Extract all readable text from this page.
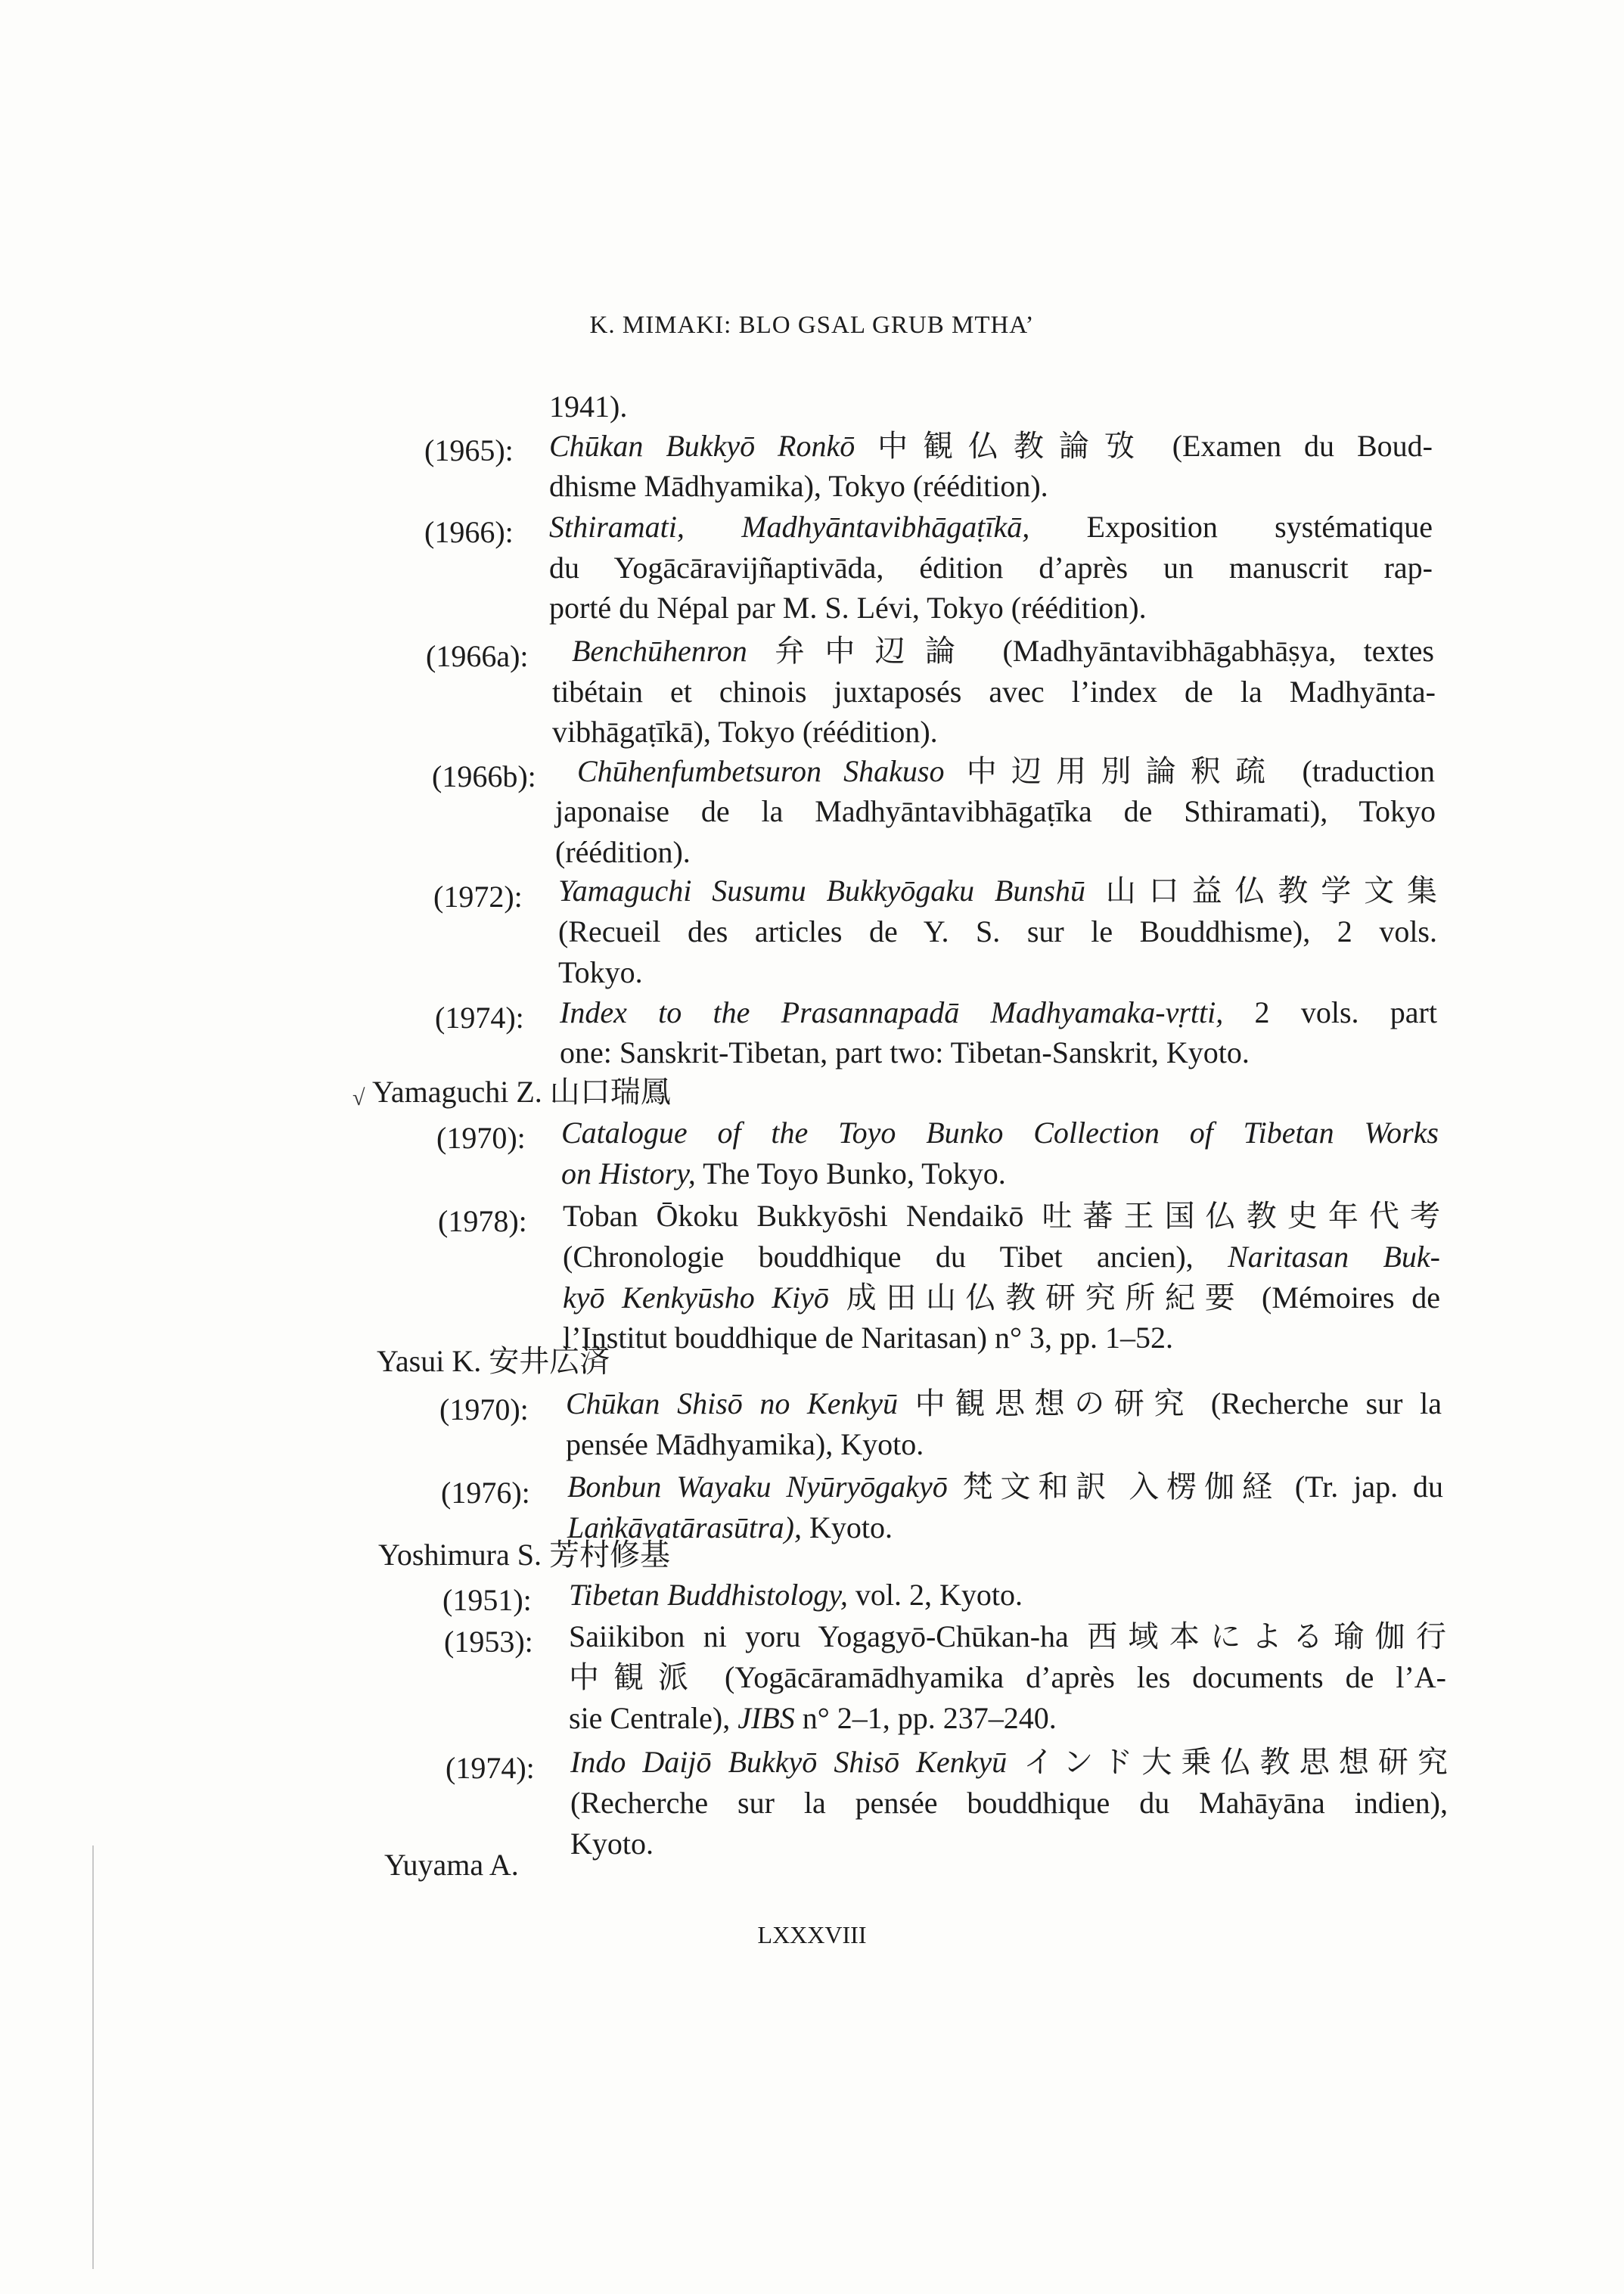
K. MIMAKI: BLO GSAL GRUB MTHA’
1941).
(1965): Chūkan Bukkyō Ronkō 中観仏教論攷 (Examen du Boud-
dhisme Mādhyamika), Tokyo (réédition).
(1966): Sthiramati, Madhyāntavibhāgaṭīkā, Exposition systématique
du Yogācāravijñaptivāda, édition d’après un manuscrit rap-
porté du Népal par M. S. Lévi, Tokyo (réédition).
(1966a): Benchūhenron 弁中辺論 (Madhyāntavibhāgabhāṣya, textes
tibétain et chinois juxtaposés avec l’index de la Madhyānta-
vibhāgaṭīkā), Tokyo (réédition).
(1966b): Chūhenfumbetsuron Shakuso 中辺用別論釈疏 (traduction
japonaise de la Madhyāntavibhāgaṭīka de Sthiramati), Tokyo
(réédition).
(1972): Yamaguchi Susumu Bukkyōgaku Bunshū 山口益仏教学文集
(Recueil des articles de Y. S. sur le Bouddhisme), 2 vols.
Tokyo.
(1974): Index to the Prasannapadā Madhyamaka-vṛtti, 2 vols. part
one: Sanskrit-Tibetan, part two: Tibetan-Sanskrit, Kyoto.
√ Yamaguchi Z. 山口瑞鳳
(1970): Catalogue of the Toyo Bunko Collection of Tibetan Works
on History, The Toyo Bunko, Tokyo.
(1978): Toban Ōkoku Bukkyōshi Nendaikō 吐蕃王国仏教史年代考
(Chronologie bouddhique du Tibet ancien), Naritasan Buk-
kyō Kenkyūsho Kiyō 成田山仏教研究所紀要 (Mémoires de
l’Institut bouddhique de Naritasan) n° 3, pp. 1–52.
Yasui K. 安井広済
(1970): Chūkan Shisō no Kenkyū 中観思想の研究 (Recherche sur la
pensée Mādhyamika), Kyoto.
(1976): Bonbun Wayaku Nyūryōgakyō 梵文和訳 入楞伽経 (Tr. jap. du
Laṅkāvatārasūtra), Kyoto.
Yoshimura S. 芳村修基
(1951): Tibetan Buddhistology, vol. 2, Kyoto.
(1953): Saiikibon ni yoru Yogagyō-Chūkan-ha 西域本による瑜伽行
中観派 (Yogācāramādhyamika d’après les documents de l’A-
sie Centrale), JIBS n° 2–1, pp. 237–240.
(1974): Indo Daijō Bukkyō Shisō Kenkyū インド大乗仏教思想研究
(Recherche sur la pensée bouddhique du Mahāyāna indien),
Kyoto.
Yuyama A.
LXXXVIII
